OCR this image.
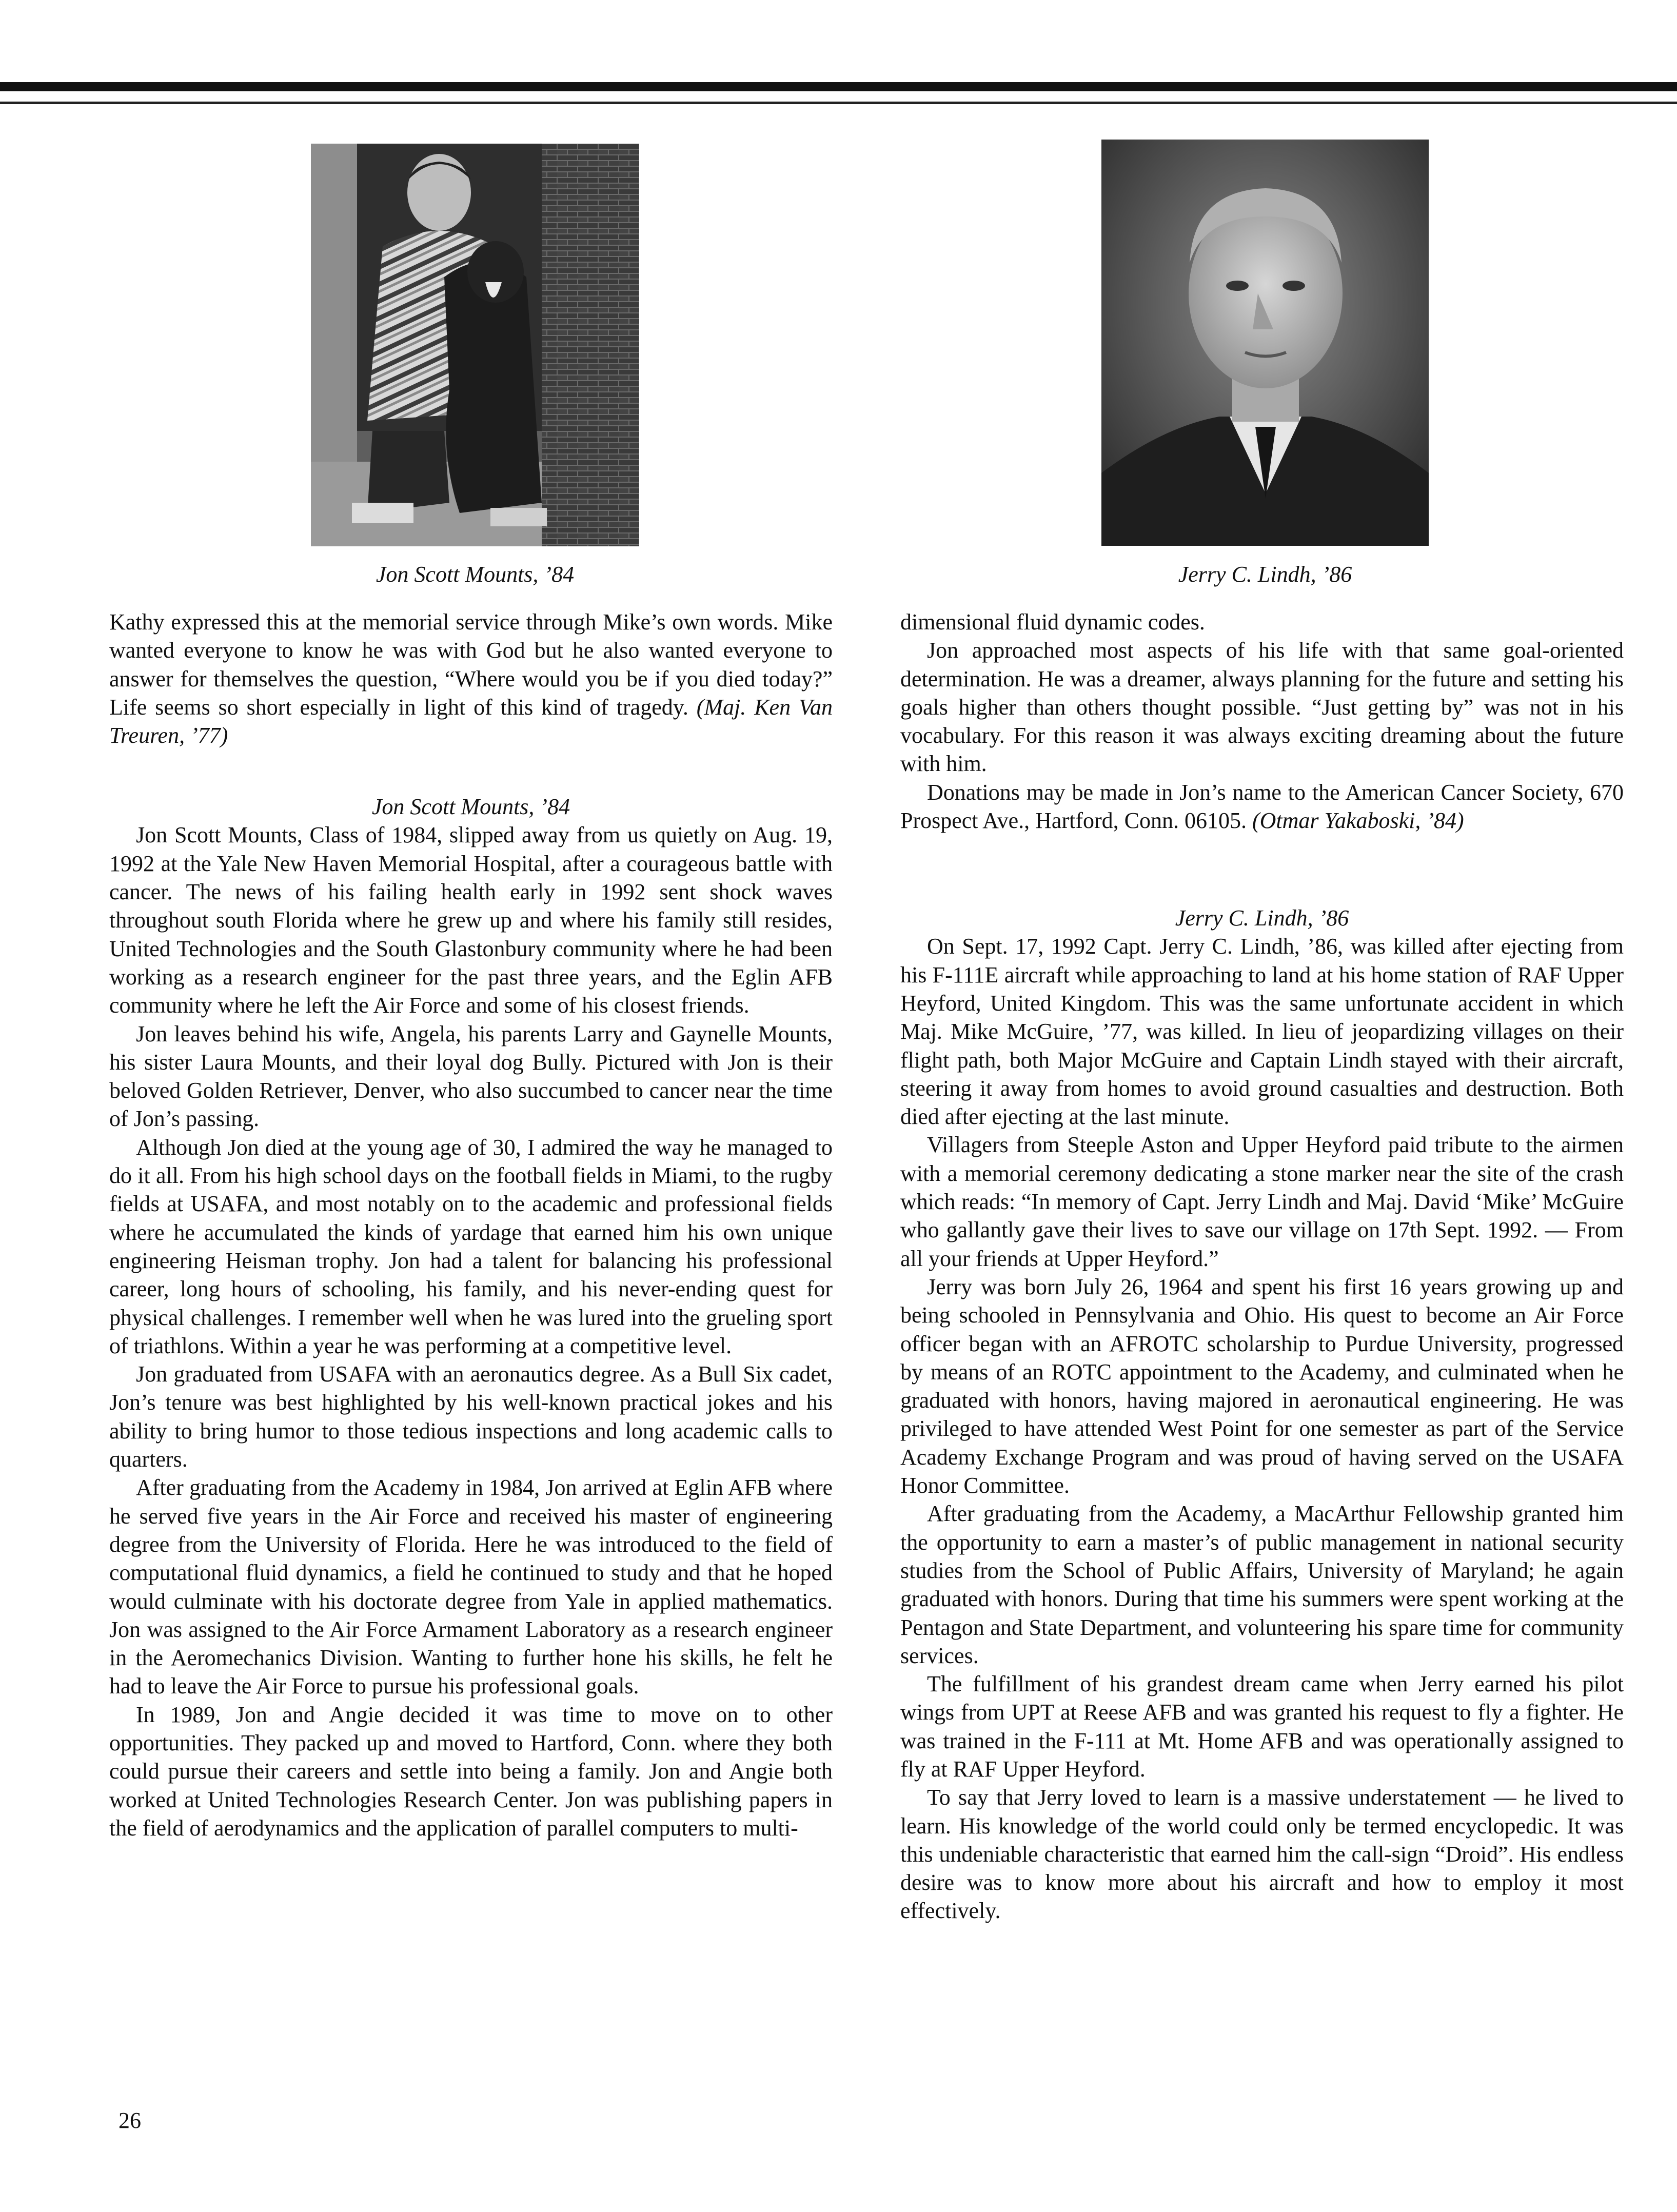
Jon Scott Mounts, ’84	Jerry C. Lindh, ’86

Kathy expressed this at the memorial service through Mike’s own words. Mike wanted everyone to know he was with God but he also wanted everyone to answer for themselves the question, “Where would you be if you died today?” Life seems so short especially in light of this kind of tragedy. (Maj. Ken Van Treuren, ’77)

Jon Scott Mounts, ’84

Jon Scott Mounts, Class of 1984, slipped away from us quietly on Aug. 19, 1992 at the Yale New Haven Memorial Hospital, after a courageous battle with cancer. The news of his failing health early in 1992 sent shock waves throughout south Florida where he grew up and where his family still resides, United Technologies and the South Glastonbury community where he had been working as a research engineer for the past three years, and the Eglin AFB community where he left the Air Force and some of his closest friends.

Jon leaves behind his wife, Angela, his parents Larry and Gaynelle Mounts, his sister Laura Mounts, and their loyal dog Bully. Pictured with Jon is their beloved Golden Retriever, Denver, who also succumbed to cancer near the time of Jon’s passing.

Although Jon died at the young age of 30, I admired the way he managed to do it all. From his high school days on the football fields in Miami, to the rugby fields at USAFA, and most notably on to the academic and professional fields where he accumulated the kinds of yardage that earned him his own unique engineering Heisman trophy. Jon had a talent for balancing his professional career, long hours of schooling, his family, and his never-ending quest for physical challenges. I remember well when he was lured into the grueling sport of triathlons. Within a year he was performing at a competitive level.

Jon graduated from USAFA with an aeronautics degree. As a Bull Six cadet, Jon’s tenure was best highlighted by his well-known practical jokes and his ability to bring humor to those tedious inspections and long academic calls to quarters.

After graduating from the Academy in 1984, Jon arrived at Eglin AFB where he served five years in the Air Force and received his master of engineering degree from the University of Florida. Here he was introduced to the field of computational fluid dynamics, a field he continued to study and that he hoped would culminate with his doctorate degree from Yale in applied mathematics. Jon was assigned to the Air Force Armament Laboratory as a research engineer in the Aeromechanics Division. Wanting to further hone his skills, he felt he had to leave the Air Force to pursue his professional goals.

In 1989, Jon and Angie decided it was time to move on to other opportunities. They packed up and moved to Hartford, Conn. where they both could pursue their careers and settle into being a family. Jon and Angie both worked at United Technologies Research Center. Jon was publishing papers in the field of aerodynamics and the application of parallel computers to multi-

dimensional fluid dynamic codes.

Jon approached most aspects of his life with that same goal-oriented determination. He was a dreamer, always planning for the future and setting his goals higher than others thought possible. “Just getting by” was not in his vocabulary. For this reason it was always exciting dreaming about the future with him.

Donations may be made in Jon’s name to the American Cancer Society, 670 Prospect Ave., Hartford, Conn. 06105. (Otmar Yakaboski, ’84)

Jerry C. Lindh, ’86

On Sept. 17, 1992 Capt. Jerry C. Lindh, ’86, was killed after ejecting from his F-111E aircraft while approaching to land at his home station of RAF Upper Heyford, United Kingdom. This was the same unfortunate accident in which Maj. Mike McGuire, ’77, was killed. In lieu of jeopardizing villages on their flight path, both Major McGuire and Captain Lindh stayed with their aircraft, steering it away from homes to avoid ground casualties and destruction. Both died after ejecting at the last minute.

Villagers from Steeple Aston and Upper Heyford paid tribute to the airmen with a memorial ceremony dedicating a stone marker near the site of the crash which reads: “In memory of Capt. Jerry Lindh and Maj. David ‘Mike’ McGuire who gallantly gave their lives to save our village on 17th Sept. 1992. — From all your friends at Upper Heyford.”

Jerry was born July 26, 1964 and spent his first 16 years growing up and being schooled in Pennsylvania and Ohio. His quest to become an Air Force officer began with an AFROTC scholarship to Purdue University, progressed by means of an ROTC appointment to the Academy, and culminated when he graduated with honors, having majored in aeronautical engineering. He was privileged to have attended West Point for one semester as part of the Service Academy Exchange Program and was proud of having served on the USAFA Honor Committee.

After graduating from the Academy, a MacArthur Fellowship granted him the opportunity to earn a master’s of public management in national security studies from the School of Public Affairs, University of Maryland; he again graduated with honors. During that time his summers were spent working at the Pentagon and State Department, and volunteering his spare time for community services.

The fulfillment of his grandest dream came when Jerry earned his pilot wings from UPT at Reese AFB and was granted his request to fly a fighter. He was trained in the F-111 at Mt. Home AFB and was operationally assigned to fly at RAF Upper Heyford.

To say that Jerry loved to learn is a massive understatement — he lived to learn. His knowledge of the world could only be termed encyclopedic. It was this undeniable characteristic that earned him the call-sign “Droid”. His endless desire was to know more about his aircraft and how to employ it most effectively.

26
